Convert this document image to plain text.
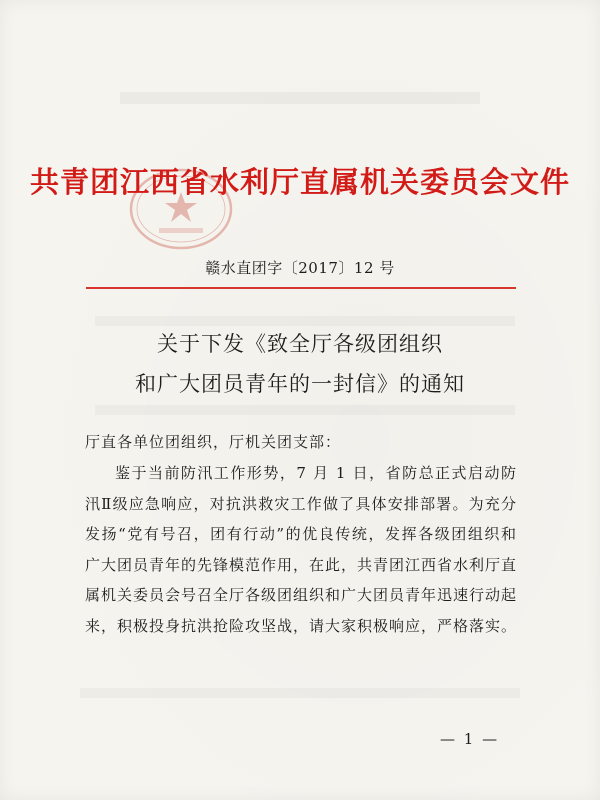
共青团江西省水利厅直属机关委员会文件
赣水直团字〔2017〕12 号
关于下发《致全厅各级团组织
和广大团员青年的一封信》的通知
厅直各单位团组织，厅机关团支部：

鉴于当前防汛工作形势，7 月 1 日，省防总正式启动防汛Ⅱ级应急响应，对抗洪救灾工作做了具体安排部署。为充分发扬“党有号召，团有行动”的优良传统，发挥各级团组织和广大团员青年的先锋模范作用，在此，共青团江西省水利厅直属机关委员会号召全厅各级团组织和广大团员青年迅速行动起来，积极投身抗洪抢险攻坚战，请大家积极响应，严格落实。

— 1 —
